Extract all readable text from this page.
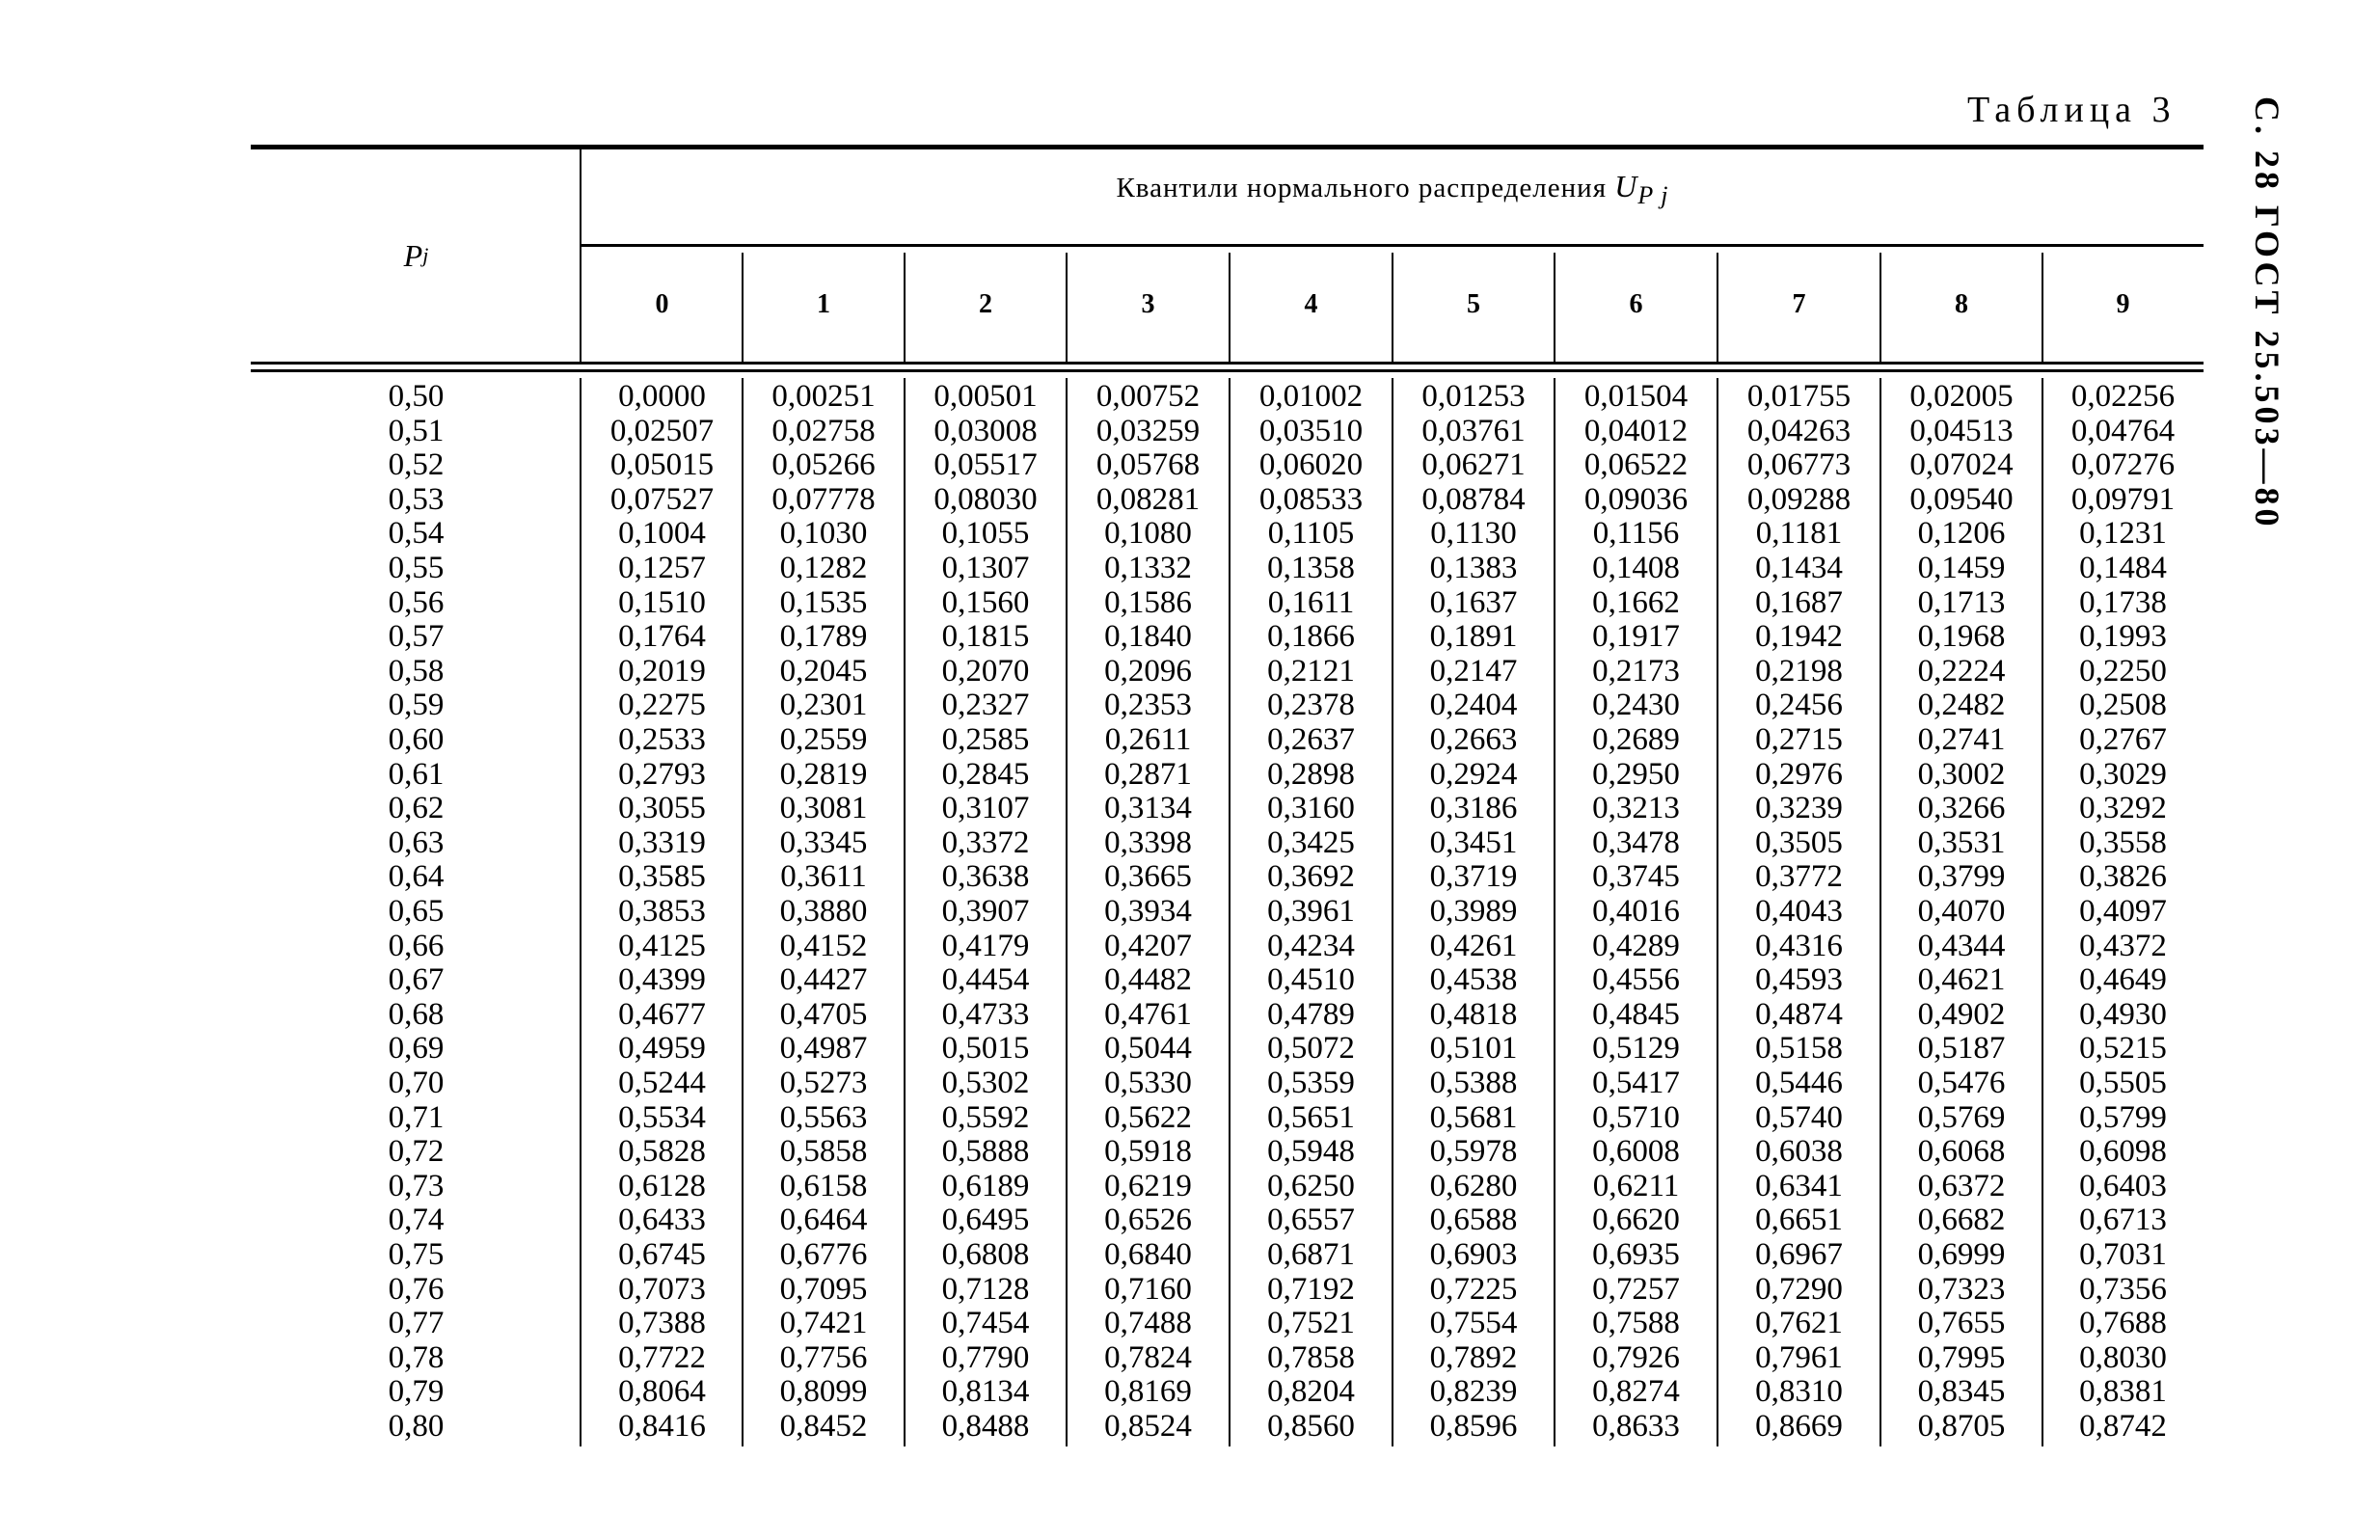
Таблица 3 С. 28 ГОСТ 25.503—80
P j
Квантили нормального распределения $U_{P j}$
0	1	2	3	4	5	6	7	8	9
0,50	0,0000	0,00251	0,00501	0,00752	0,01002	0,01253	0,01504	0,01755	0,02005	0,02256
0,51	0,02507	0,02758	0,03008	0,03259	0,03510	0,03761	0,04012	0,04263	0,04513	0,04764
0,52	0,05015	0,05266	0,05517	0,05768	0,06020	0,06271	0,06522	0,06773	0,07024	0,07276
0,53	0,07527	0,07778	0,08030	0,08281	0,08533	0,08784	0,09036	0,09288	0,09540	0,09791
0,54	0,1004	0,1030	0,1055	0,1080	0,1105	0,1130	0,1156	0,1181	0,1206	0,1231
0,55	0,1257	0,1282	0,1307	0,1332	0,1358	0,1383	0,1408	0,1434	0,1459	0,1484
0,56	0,1510	0,1535	0,1560	0,1586	0,1611	0,1637	0,1662	0,1687	0,1713	0,1738
0,57	0,1764	0,1789	0,1815	0,1840	0,1866	0,1891	0,1917	0,1942	0,1968	0,1993
0,58	0,2019	0,2045	0,2070	0,2096	0,2121	0,2147	0,2173	0,2198	0,2224	0,2250
0,59	0,2275	0,2301	0,2327	0,2353	0,2378	0,2404	0,2430	0,2456	0,2482	0,2508
0,60	0,2533	0,2559	0,2585	0,2611	0,2637	0,2663	0,2689	0,2715	0,2741	0,2767
0,61	0,2793	0,2819	0,2845	0,2871	0,2898	0,2924	0,2950	0,2976	0,3002	0,3029
0,62	0,3055	0,3081	0,3107	0,3134	0,3160	0,3186	0,3213	0,3239	0,3266	0,3292
0,63	0,3319	0,3345	0,3372	0,3398	0,3425	0,3451	0,3478	0,3505	0,3531	0,3558
0,64	0,3585	0,3611	0,3638	0,3665	0,3692	0,3719	0,3745	0,3772	0,3799	0,3826
0,65	0,3853	0,3880	0,3907	0,3934	0,3961	0,3989	0,4016	0,4043	0,4070	0,4097
0,66	0,4125	0,4152	0,4179	0,4207	0,4234	0,4261	0,4289	0,4316	0,4344	0,4372
0,67	0,4399	0,4427	0,4454	0,4482	0,4510	0,4538	0,4556	0,4593	0,4621	0,4649
0,68	0,4677	0,4705	0,4733	0,4761	0,4789	0,4818	0,4845	0,4874	0,4902	0,4930
0,69	0,4959	0,4987	0,5015	0,5044	0,5072	0,5101	0,5129	0,5158	0,5187	0,5215
0,70	0,5244	0,5273	0,5302	0,5330	0,5359	0,5388	0,5417	0,5446	0,5476	0,5505
0,71	0,5534	0,5563	0,5592	0,5622	0,5651	0,5681	0,5710	0,5740	0,5769	0,5799
0,72	0,5828	0,5858	0,5888	0,5918	0,5948	0,5978	0,6008	0,6038	0,6068	0,6098
0,73	0,6128	0,6158	0,6189	0,6219	0,6250	0,6280	0,6211	0,6341	0,6372	0,6403
0,74	0,6433	0,6464	0,6495	0,6526	0,6557	0,6588	0,6620	0,6651	0,6682	0,6713
0,75	0,6745	0,6776	0,6808	0,6840	0,6871	0,6903	0,6935	0,6967	0,6999	0,7031
0,76	0,7073	0,7095	0,7128	0,7160	0,7192	0,7225	0,7257	0,7290	0,7323	0,7356
0,77	0,7388	0,7421	0,7454	0,7488	0,7521	0,7554	0,7588	0,7621	0,7655	0,7688
0,78	0,7722	0,7756	0,7790	0,7824	0,7858	0,7892	0,7926	0,7961	0,7995	0,8030
0,79	0,8064	0,8099	0,8134	0,8169	0,8204	0,8239	0,8274	0,8310	0,8345	0,8381
0,80	0,8416	0,8452	0,8488	0,8524	0,8560	0,8596	0,8633	0,8669	0,8705	0,8742
